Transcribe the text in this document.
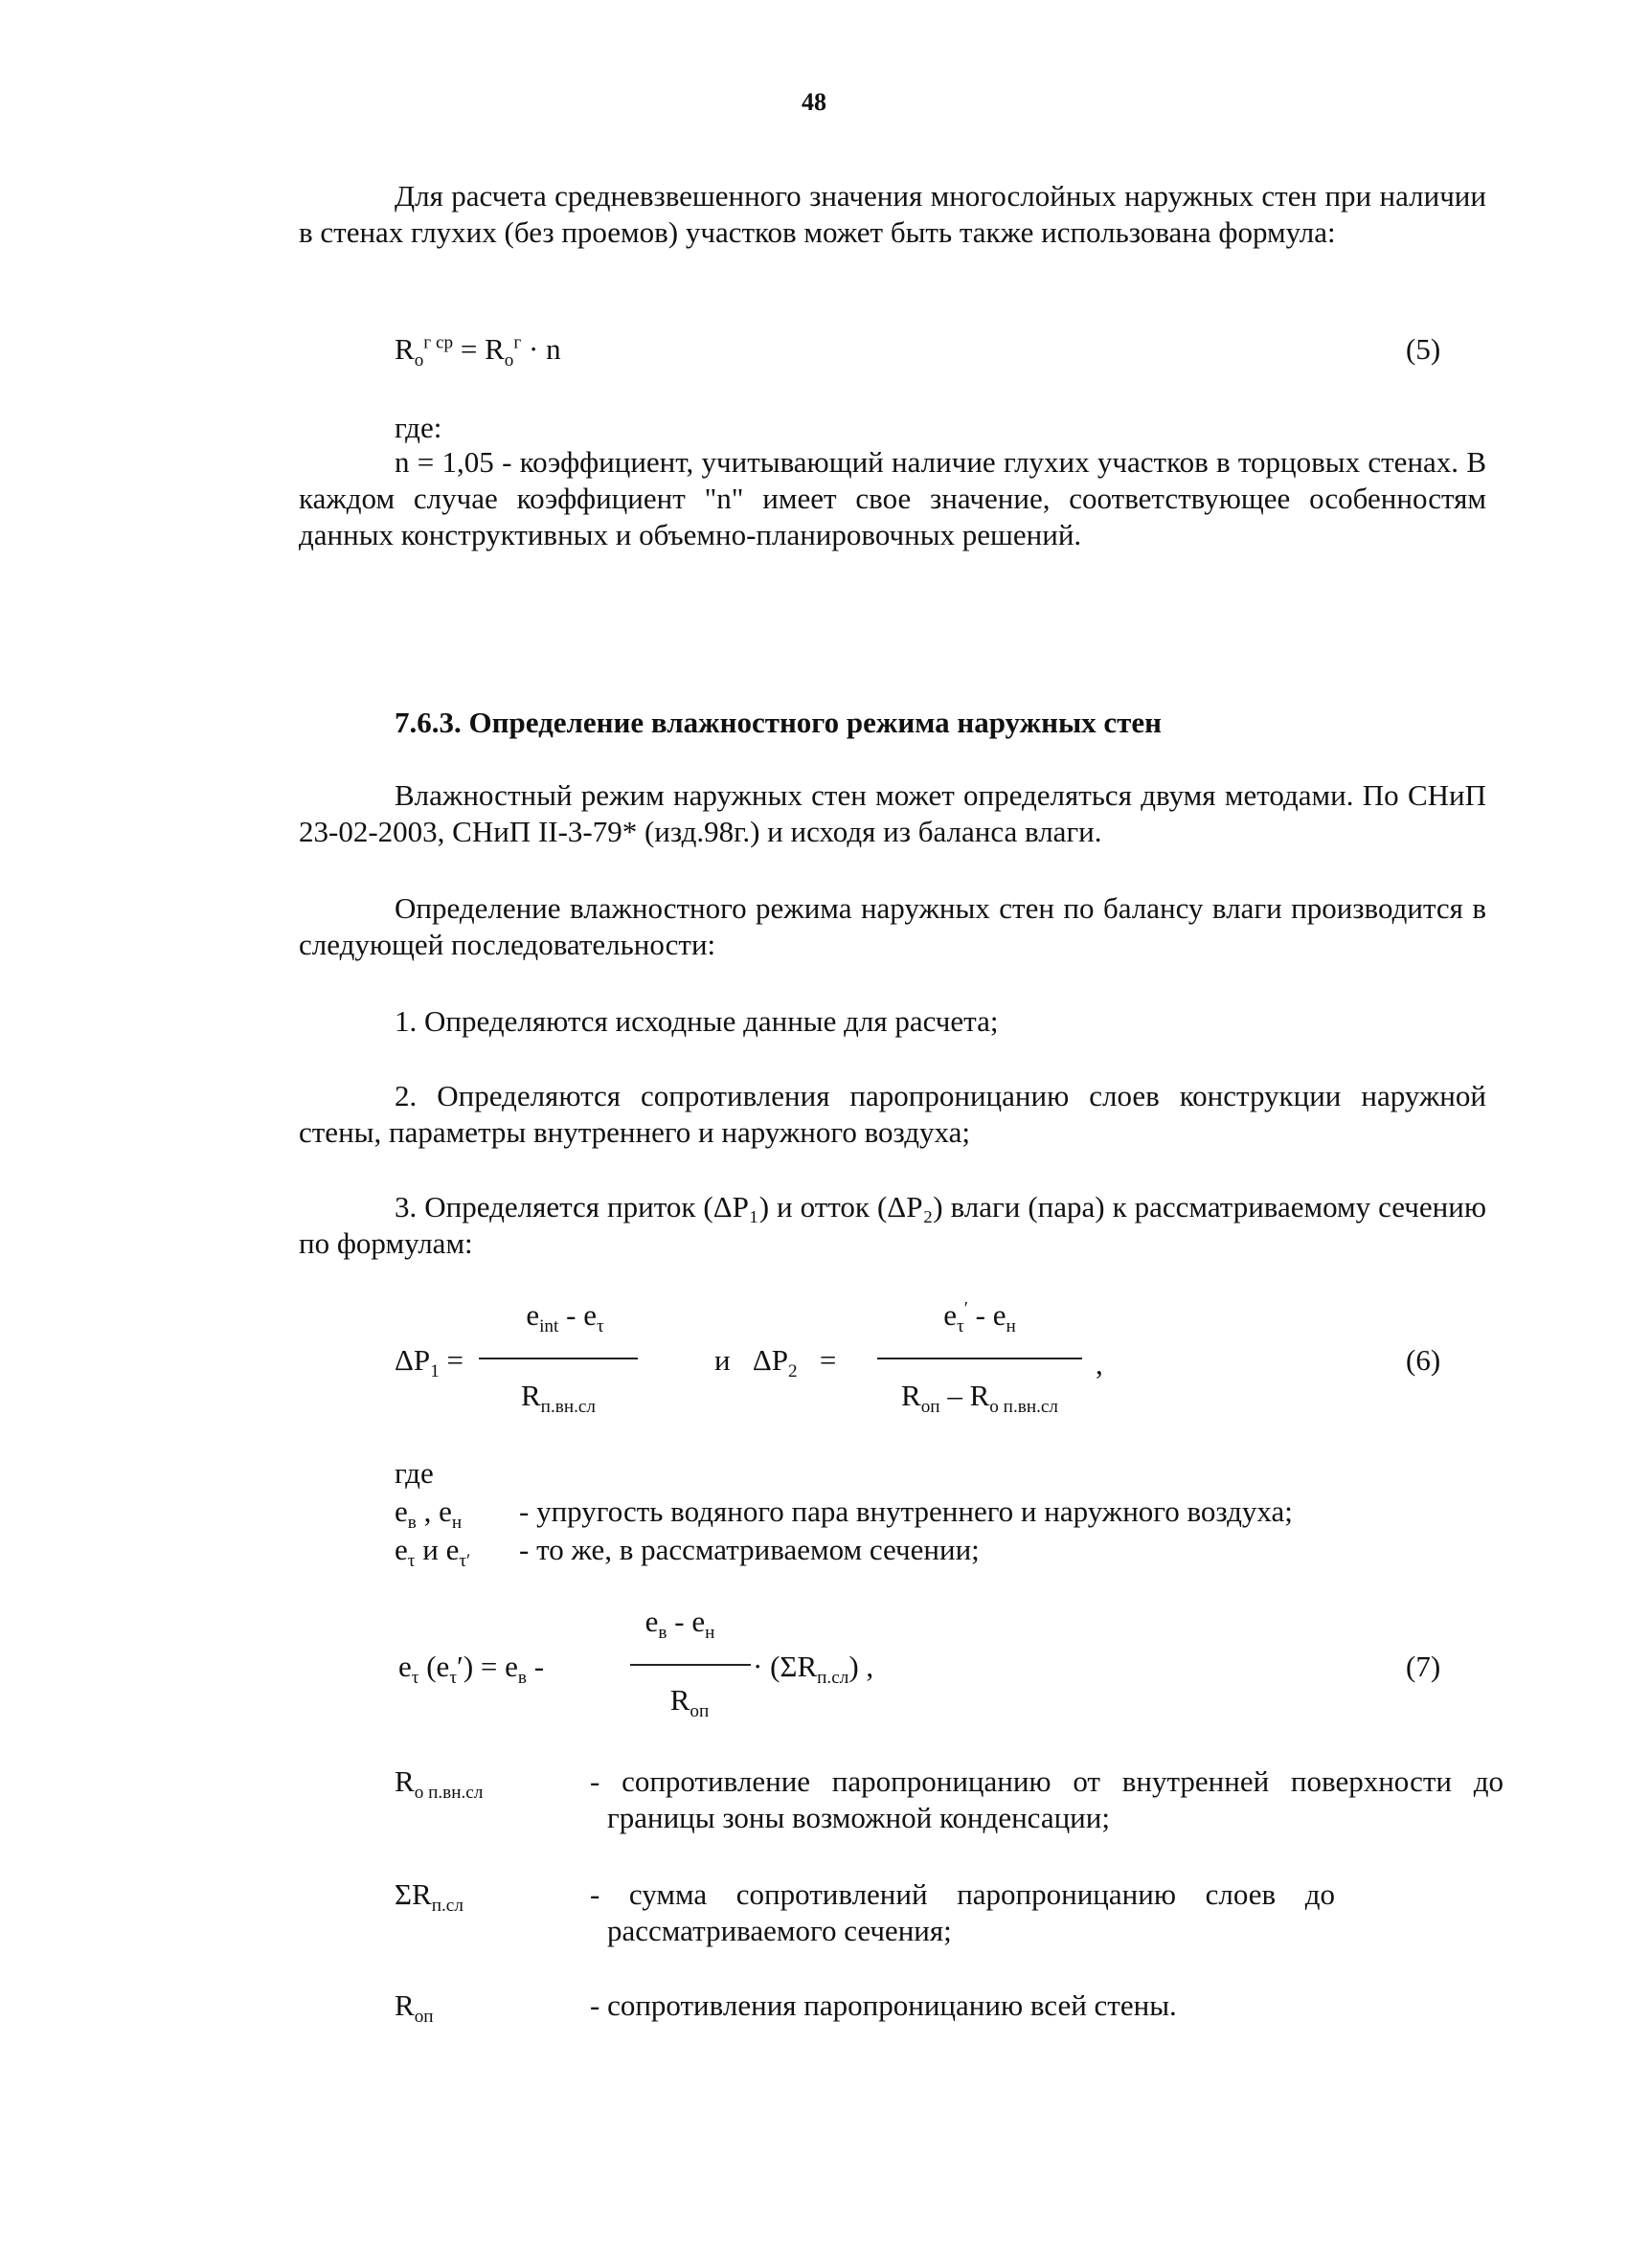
48
Для расчета средневзвешенного значения многослойных наружных стен при наличии в стенах глухих (без проемов) участков может быть также использована формула:
$R_о^{г ср} = R_о^г \cdot n$	(5)
где:
n = 1,05 - коэффициент, учитывающий наличие глухих участков в торцовых стенах. В каждом случае коэффициент "n" имеет свое значение, соответствующее особенностям данных конструктивных и объемно-планировочных решений.
7.6.3. Определение влажностного режима наружных стен
Влажностный режим наружных стен может определяться двумя методами. По СНиП 23-02-2003, СНиП II-3-79* (изд.98г.) и исходя из баланса влаги.
Определение влажностного режима наружных стен по балансу влаги производится в следующей последовательности:
1. Определяются исходные данные для расчета;
2. Определяются сопротивления паропроницанию слоев конструкции наружной стены, параметры внутреннего и наружного воздуха;
3. Определяется приток (ΔP₁) и отток (ΔP₂) влаги (пара) к рассматриваемому сечению по формулам:
$\Delta P_1$ =
$e_{int} - e_\tau$
$R_{п.вн.сл}$
и $\Delta P_2$ =
$e_\tau' - e_н$
$R_{оп} - R_{о п.вн.сл}$
,	(6)
где
$e_в$ , $e_н$ - упругость водяного пара внутреннего и наружного воздуха;
$e_\tau$ и $e_{\tau'}$ - то же, в рассматриваемом сечении;
$e_\tau$ $(e_\tau') = e_в$ -
$e_в - e_н$
$R_{оп}$
· $(\Sigma R_{п.сл})$ ,	(7)
$R_{о п.вн.сл}$	- сопротивление паропроницанию от внутренней поверхности до границы зоны возможной конденсации;
$\Sigma R_{п.сл}$	- сумма сопротивлений паропроницанию слоев до рассматриваемого сечения;
$R_{оп}$	- сопротивления паропроницанию всей стены.
